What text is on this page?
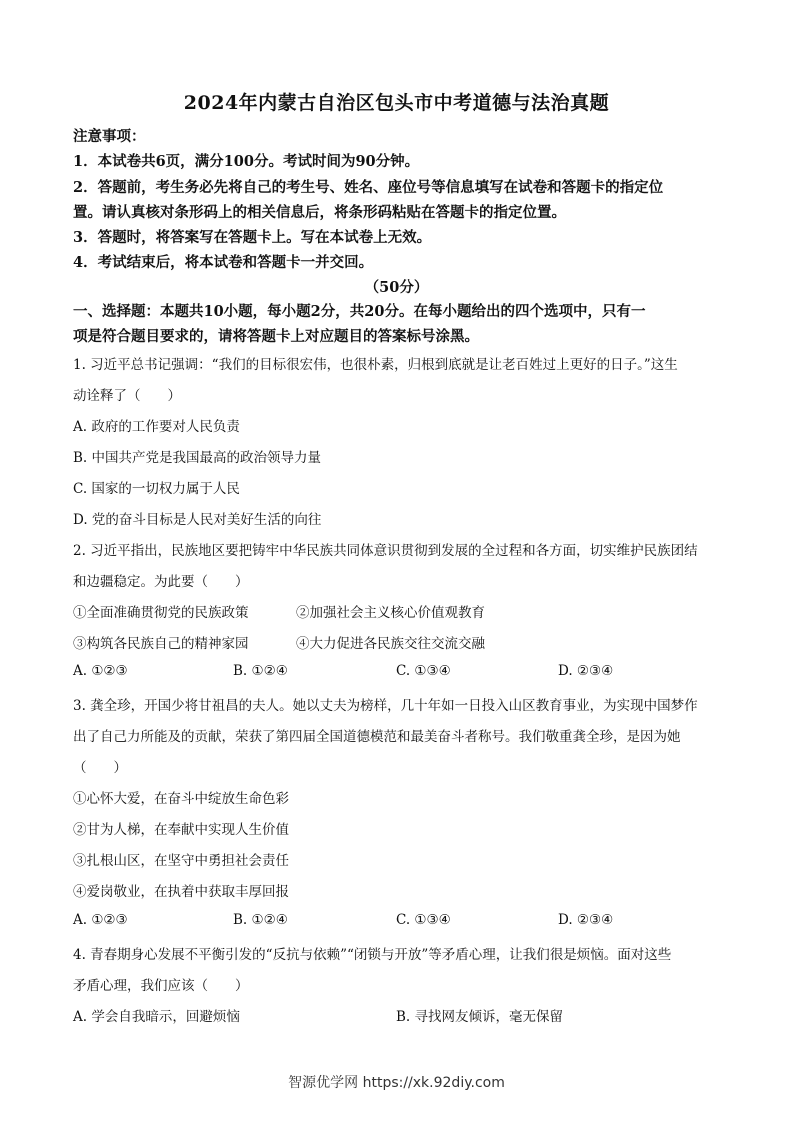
2024年内蒙古自治区包头市中考道德与法治真题
注意事项：
1．本试卷共6页，满分100分。考试时间为90分钟。
2．答题前，考生务必先将自己的考生号、姓名、座位号等信息填写在试卷和答题卡的指定位
置。请认真核对条形码上的相关信息后，将条形码粘贴在答题卡的指定位置。
3．答题时，将答案写在答题卡上。写在本试卷上无效。
4．考试结束后，将本试卷和答题卡一并交回。
（50分）
一、选择题：本题共10小题，每小题2分，共20分。在每小题给出的四个选项中，只有一
项是符合题目要求的，请将答题卡上对应题目的答案标号涂黑。
1. 习近平总书记强调：“我们的目标很宏伟，也很朴素，归根到底就是让老百姓过上更好的日子。”这生
动诠释了（　　）
A. 政府的工作要对人民负责
B. 中国共产党是我国最高的政治领导力量
C. 国家的一切权力属于人民
D. 党的奋斗目标是人民对美好生活的向往
2. 习近平指出，民族地区要把铸牢中华民族共同体意识贯彻到发展的全过程和各方面，切实维护民族团结
和边疆稳定。为此要（　　）
①全面准确贯彻党的民族政策	②加强社会主义核心价值观教育
③构筑各民族自己的精神家园	④大力促进各民族交往交流交融
A. ①②③	B. ①②④	C. ①③④	D. ②③④
3. 龚全珍，开国少将甘祖昌的夫人。她以丈夫为榜样，几十年如一日投入山区教育事业，为实现中国梦作
出了自己力所能及的贡献，荣获了第四届全国道德模范和最美奋斗者称号。我们敬重龚全珍，是因为她
（　　）
①心怀大爱，在奋斗中绽放生命色彩
②甘为人梯，在奉献中实现人生价值
③扎根山区，在坚守中勇担社会责任
④爱岗敬业，在执着中获取丰厚回报
A. ①②③	B. ①②④	C. ①③④	D. ②③④
4. 青春期身心发展不平衡引发的“反抗与依赖”“闭锁与开放”等矛盾心理，让我们很是烦恼。面对这些
矛盾心理，我们应该（　　）
A. 学会自我暗示，回避烦恼	B. 寻找网友倾诉，毫无保留
智源优学网 https://xk.92diy.com
